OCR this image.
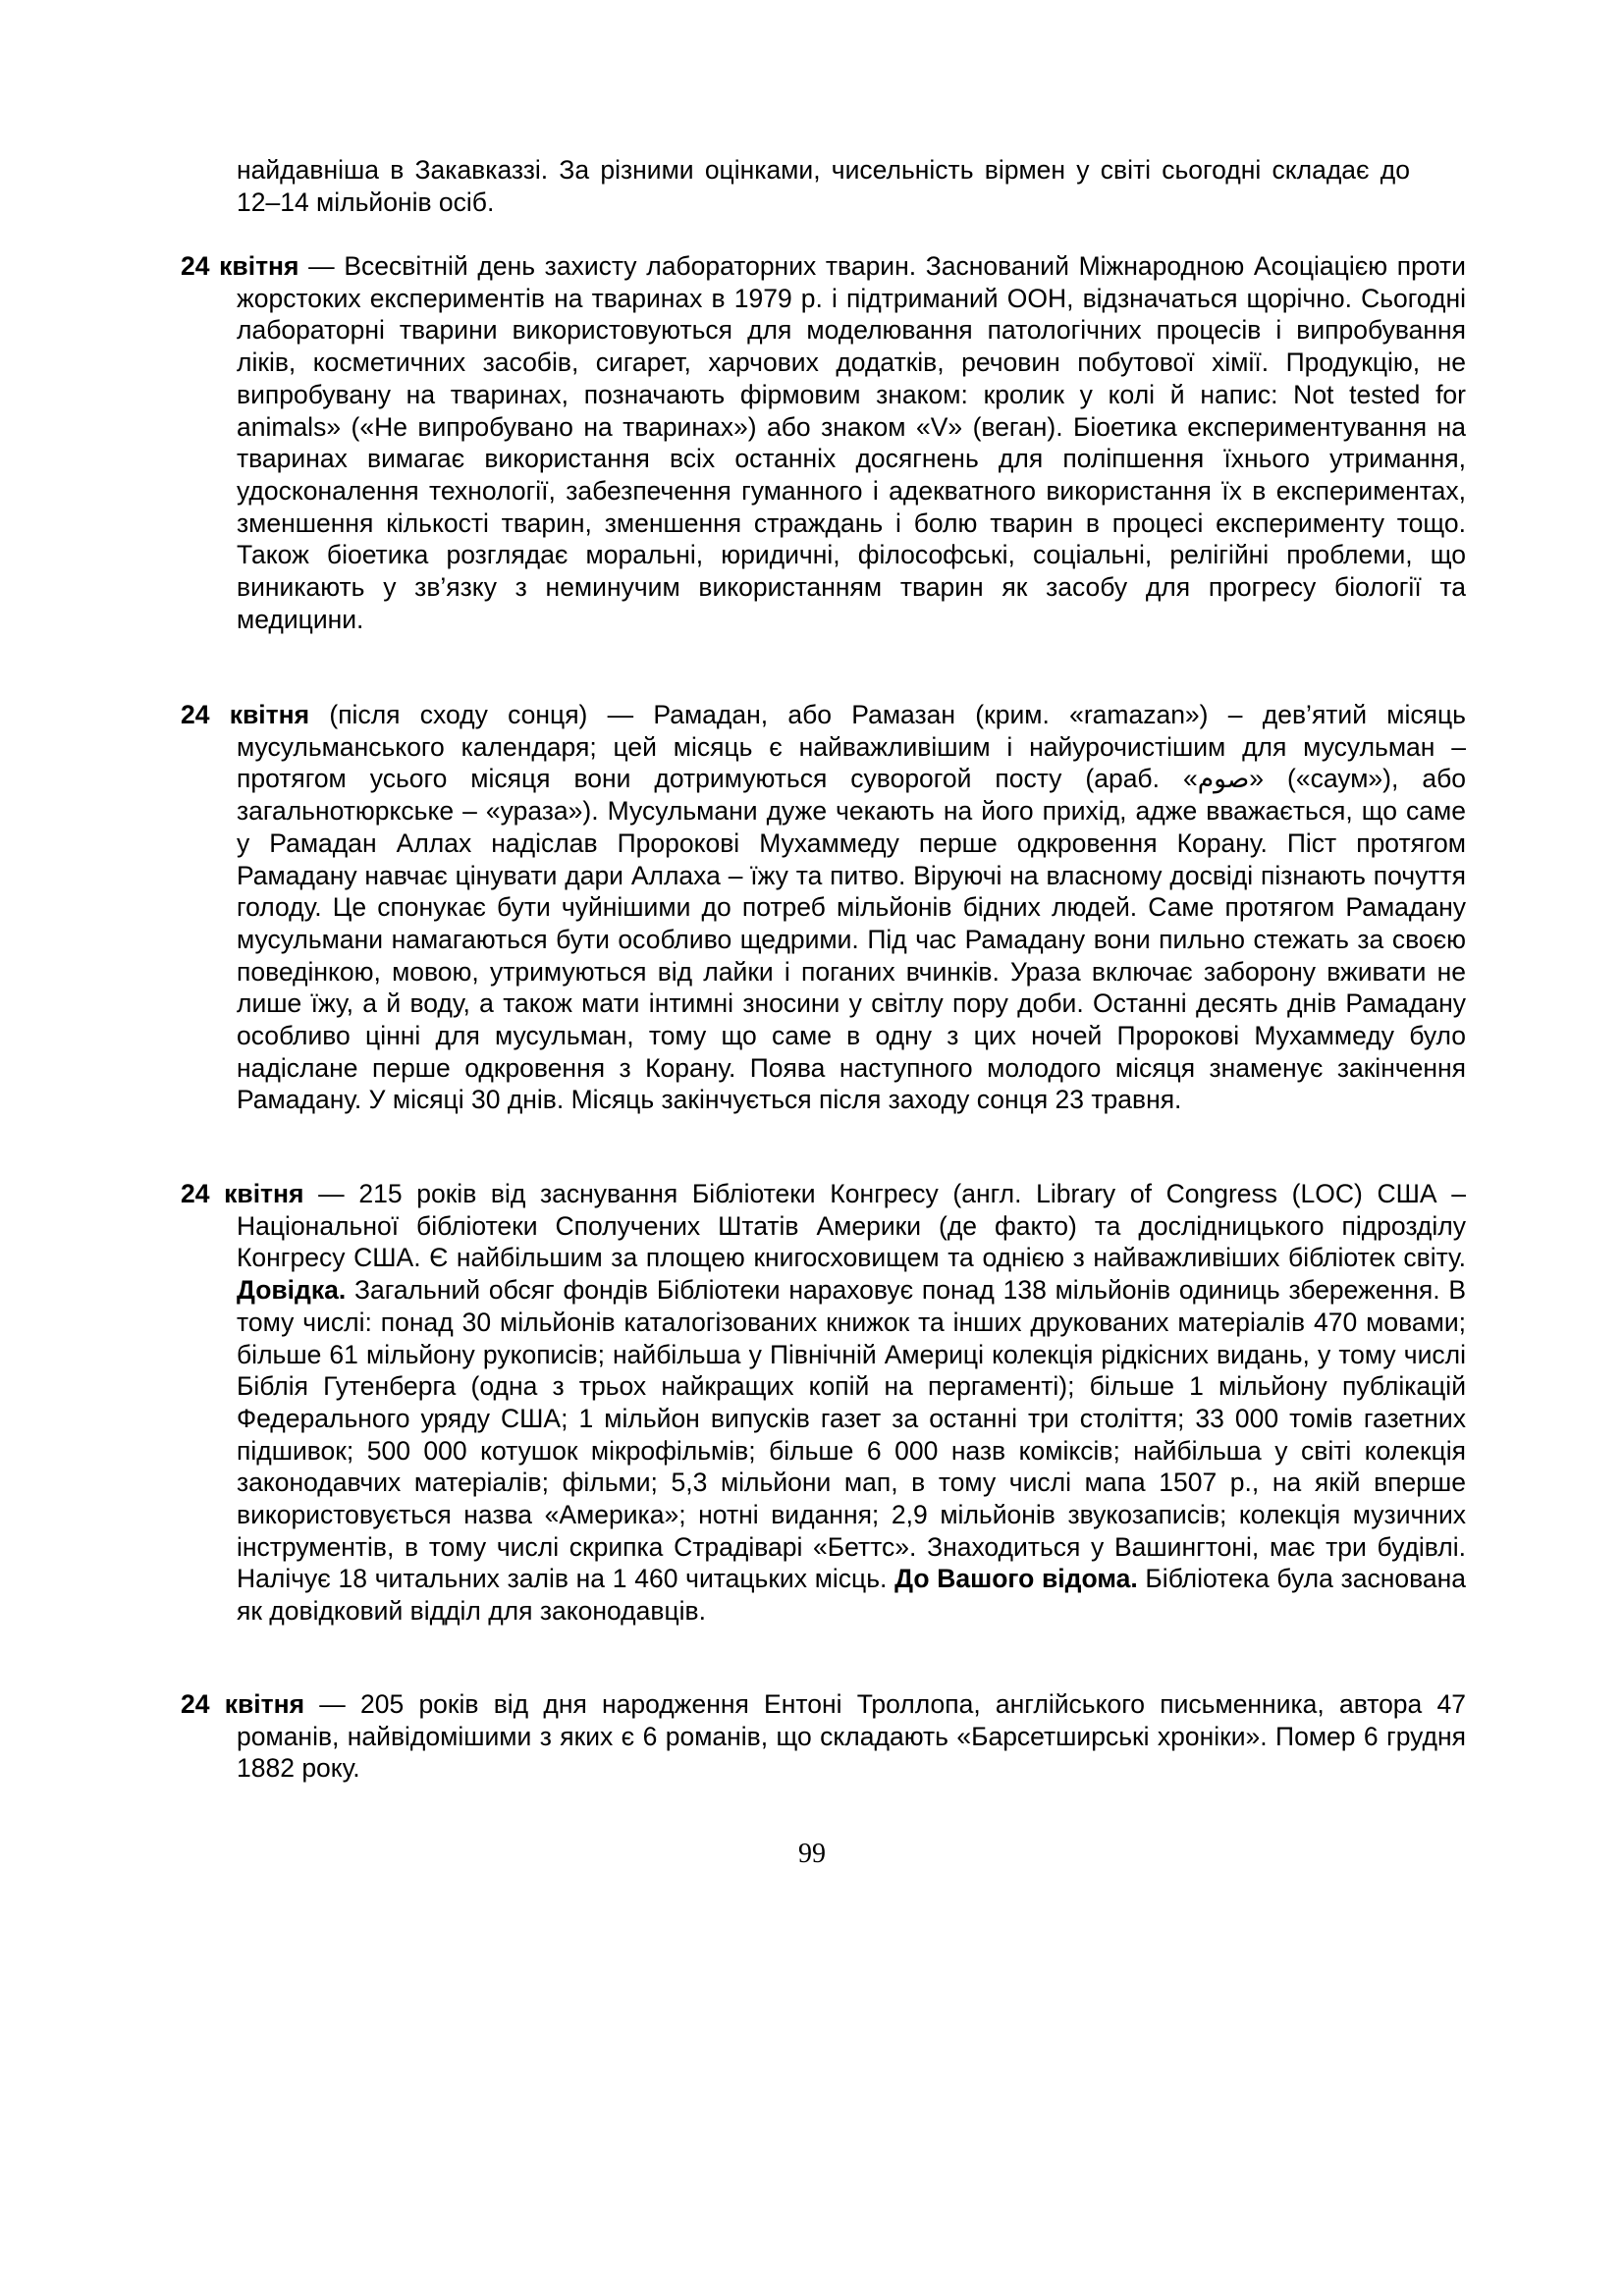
найдавніша в Закавказзі. За різними оцінками, чисельність вірмен у світі сьогодні складає до 12–14 мільйонів осіб.

24 квітня — Всесвітній день захисту лабораторних тварин. Заснований Міжнародною Асоціацією проти жорстоких експериментів на тваринах в 1979 р. і підтриманий ООН, відзначаться щорічно. Сьогодні лабораторні тварини використовуються для моделювання патологічних процесів і випробування ліків, косметичних засобів, сигарет, харчових додатків, речовин побутової хімії. Продукцію, не випробувану на тваринах, позначають фірмовим знаком: кролик у колі й напис: Not tested for animals» («Не випробувано на тваринах») або знаком «V» (веган). Біоетика експериментування на тваринах вимагає використання всіх останніх досягнень для поліпшення їхнього утримання, удосконалення технології, забезпечення гуманного і адекватного використання їх в експериментах, зменшення кількості тварин, зменшення страждань і болю тварин в процесі експерименту тощо. Також біоетика розглядає моральні, юридичні, філософські, соціальні, релігійні проблеми, що виникають у зв’язку з неминучим використанням тварин як засобу для прогресу біології та медицини.

24 квітня (після сходу сонця) — Рамадан, або Рамазан (крим. «ramazan») – дев’ятий місяць мусульманського календаря; цей місяць є найважливішим і найурочистішим для мусульман – протягом усього місяця вони дотримуються суворогой посту (араб. «صوم» («саум»), або загальнотюркське – «ураза»). Мусульмани дуже чекають на його прихід, адже вважається, що саме у Рамадан Аллах надіслав Пророкові Мухаммеду перше одкровення Корану. Піст протягом Рамадану навчає цінувати дари Аллаха – їжу та питво. Віруючі на власному досвіді пізнають почуття голоду. Це спонукає бути чуйнішими до потреб мільйонів бідних людей. Саме протягом Рамадану мусульмани намагаються бути особливо щедрими. Під час Рамадану вони пильно стежать за своєю поведінкою, мовою, утримуються від лайки і поганих вчинків. Ураза включає заборону вживати не лише їжу, а й воду, а також мати інтимні зносини у світлу пору доби. Останні десять днів Рамадану особливо цінні для мусульман, тому що саме в одну з цих ночей Пророкові Мухаммеду було надіслане перше одкровення з Корану. Поява наступного молодого місяця знаменує закінчення Рамадану. У місяці 30 днів. Місяць закінчується після заходу сонця 23 травня.

24 квітня — 215 років від заснування Бібліотеки Конгресу (англ. Library of Congress (LOC) США – Національної бібліотеки Сполучених Штатів Америки (де факто) та дослідницького підрозділу Конгресу США. Є найбільшим за площею книгосховищем та однією з найважливіших бібліотек світу. Довідка. Загальний обсяг фондів Бібліотеки нараховує понад 138 мільйонів одиниць збереження. В тому числі: понад 30 мільйонів каталогізованих книжок та інших друкованих матеріалів 470 мовами; більше 61 мільйону рукописів; найбільша у Північній Америці колекція рідкісних видань, у тому числі Біблія Гутенберга (одна з трьох найкращих копій на пергаменті); більше 1 мільйону публікацій Федерального уряду США; 1 мільйон випусків газет за останні три століття; 33 000 томів газетних підшивок; 500 000 котушок мікрофільмів; більше 6 000 назв коміксів; найбільша у світі колекція законодавчих матеріалів; фільми; 5,3 мільйони мап, в тому числі мапа 1507 р., на якій вперше використовується назва «Америка»; нотні видання; 2,9 мільйонів звукозаписів; колекція музичних інструментів, в тому числі скрипка Страдіварі «Беттс». Знаходиться у Вашингтоні, має три будівлі. Налічує 18 читальних залів на 1 460 читацьких місць. До Вашого відома. Бібліотека була заснована як довідковий відділ для законодавців.

24 квітня — 205 років від дня народження Ентоні Троллопа, англійського письменника, автора 47 романів, найвідомішими з яких є 6 романів, що складають «Барсетширські хроніки». Помер 6 грудня 1882 року.

99
